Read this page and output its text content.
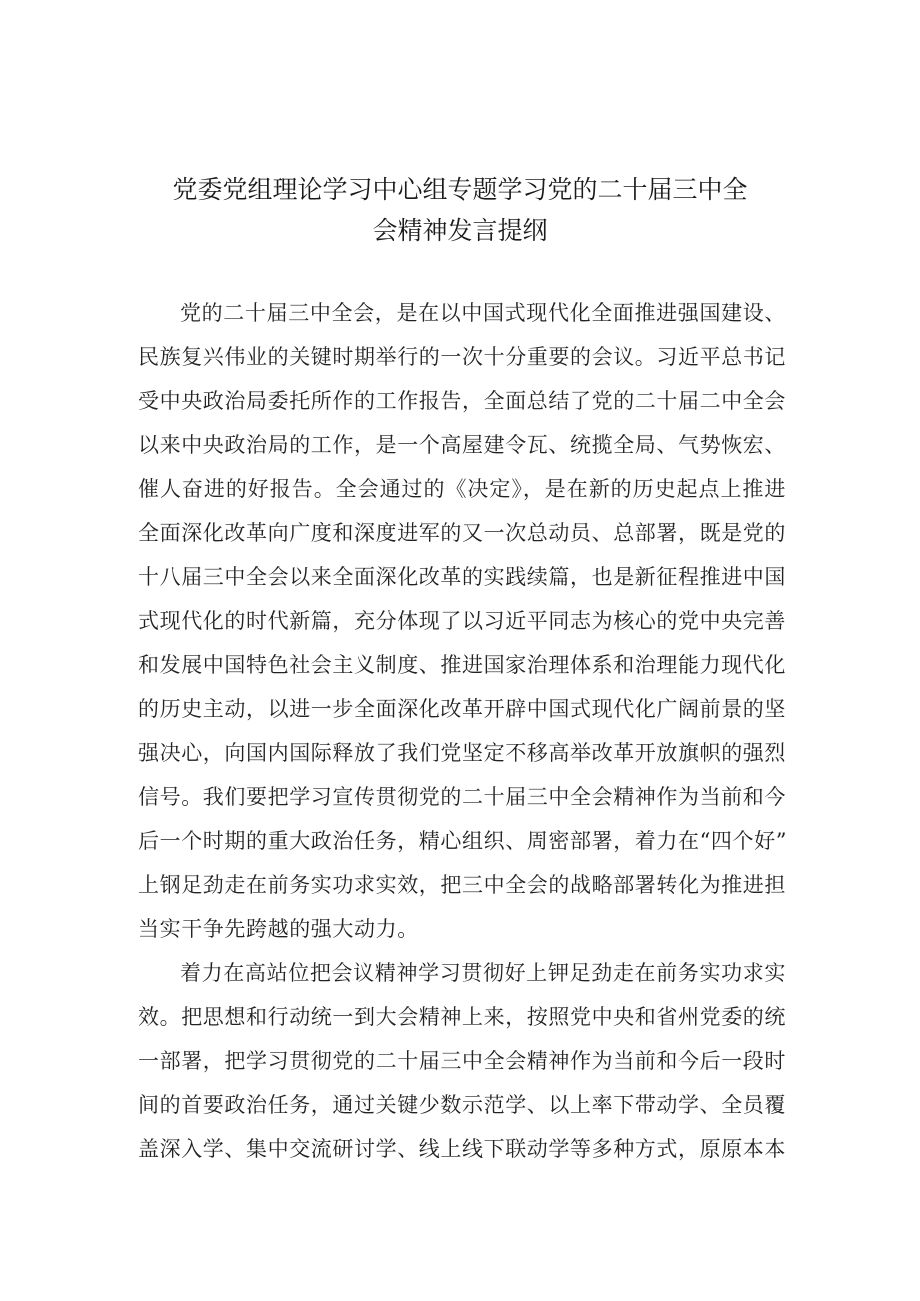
党委党组理论学习中心组专题学习党的二十届三中全
会精神发言提纲
党的二十届三中全会，是在以中国式现代化全面推进强国建设、
民族复兴伟业的关键时期举行的一次十分重要的会议。习近平总书记
受中央政治局委托所作的工作报告，全面总结了党的二十届二中全会
以来中央政治局的工作，是一个高屋建令瓦、统揽全局、气势恢宏、
催人奋进的好报告。全会通过的《决定》，是在新的历史起点上推进
全面深化改革向广度和深度进军的又一次总动员、总部署，既是党的
十八届三中全会以来全面深化改革的实践续篇，也是新征程推进中国
式现代化的时代新篇，充分体现了以习近平同志为核心的党中央完善
和发展中国特色社会主义制度、推进国家治理体系和治理能力现代化
的历史主动，以进一步全面深化改革开辟中国式现代化广阔前景的坚
强决心，向国内国际释放了我们党坚定不移高举改革开放旗帜的强烈
信号。我们要把学习宣传贯彻党的二十届三中全会精神作为当前和今
后一个时期的重大政治任务，精心组织、周密部署，着力在“四个好”
上钢足劲走在前务实功求实效，把三中全会的战略部署转化为推进担
当实干争先跨越的强大动力。
着力在高站位把会议精神学习贯彻好上钾足劲走在前务实功求实
效。把思想和行动统一到大会精神上来，按照党中央和省州党委的统
一部署，把学习贯彻党的二十届三中全会精神作为当前和今后一段时
间的首要政治任务，通过关键少数示范学、以上率下带动学、全员覆
盖深入学、集中交流研讨学、线上线下联动学等多种方式，原原本本
